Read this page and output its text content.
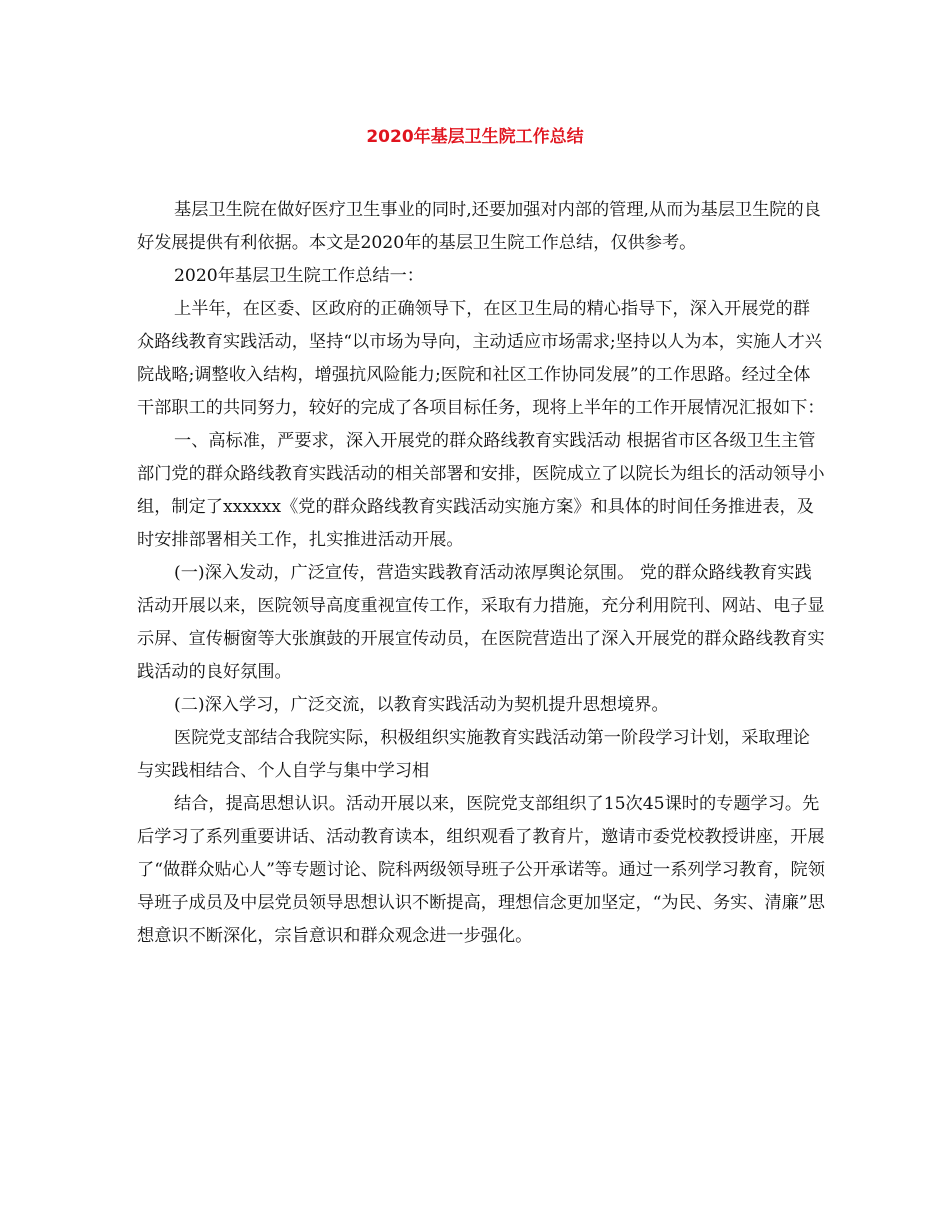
2020年基层卫生院工作总结

基层卫生院在做好医疗卫生事业的同时,还要加强对内部的管理,从而为基层卫生院的良好发展提供有利依据。本文是2020年的基层卫生院工作总结，仅供参考。

2020年基层卫生院工作总结一：

上半年，在区委、区政府的正确领导下，在区卫生局的精心指导下，深入开展党的群众路线教育实践活动，坚持“以市场为导向，主动适应市场需求;坚持以人为本，实施人才兴院战略;调整收入结构，增强抗风险能力;医院和社区工作协同发展”的工作思路。经过全体干部职工的共同努力，较好的完成了各项目标任务，现将上半年的工作开展情况汇报如下：

一、高标准，严要求，深入开展党的群众路线教育实践活动 根据省市区各级卫生主管部门党的群众路线教育实践活动的相关部署和安排，医院成立了以院长为组长的活动领导小组，制定了xxxxxx《党的群众路线教育实践活动实施方案》和具体的时间任务推进表，及时安排部署相关工作，扎实推进活动开展。

(一)深入发动，广泛宣传，营造实践教育活动浓厚舆论氛围。 党的群众路线教育实践活动开展以来，医院领导高度重视宣传工作，采取有力措施，充分利用院刊、网站、电子显示屏、宣传橱窗等大张旗鼓的开展宣传动员，在医院营造出了深入开展党的群众路线教育实践活动的良好氛围。

(二)深入学习，广泛交流，以教育实践活动为契机提升思想境界。

医院党支部结合我院实际，积极组织实施教育实践活动第一阶段学习计划，采取理论与实践相结合、个人自学与集中学习相

结合，提高思想认识。活动开展以来，医院党支部组织了15次45课时的专题学习。先后学习了系列重要讲话、活动教育读本，组织观看了教育片，邀请市委党校教授讲座，开展了“做群众贴心人”等专题讨论、院科两级领导班子公开承诺等。通过一系列学习教育，院领导班子成员及中层党员领导思想认识不断提高，理想信念更加坚定，“为民、务实、清廉”思想意识不断深化，宗旨意识和群众观念进一步强化。
